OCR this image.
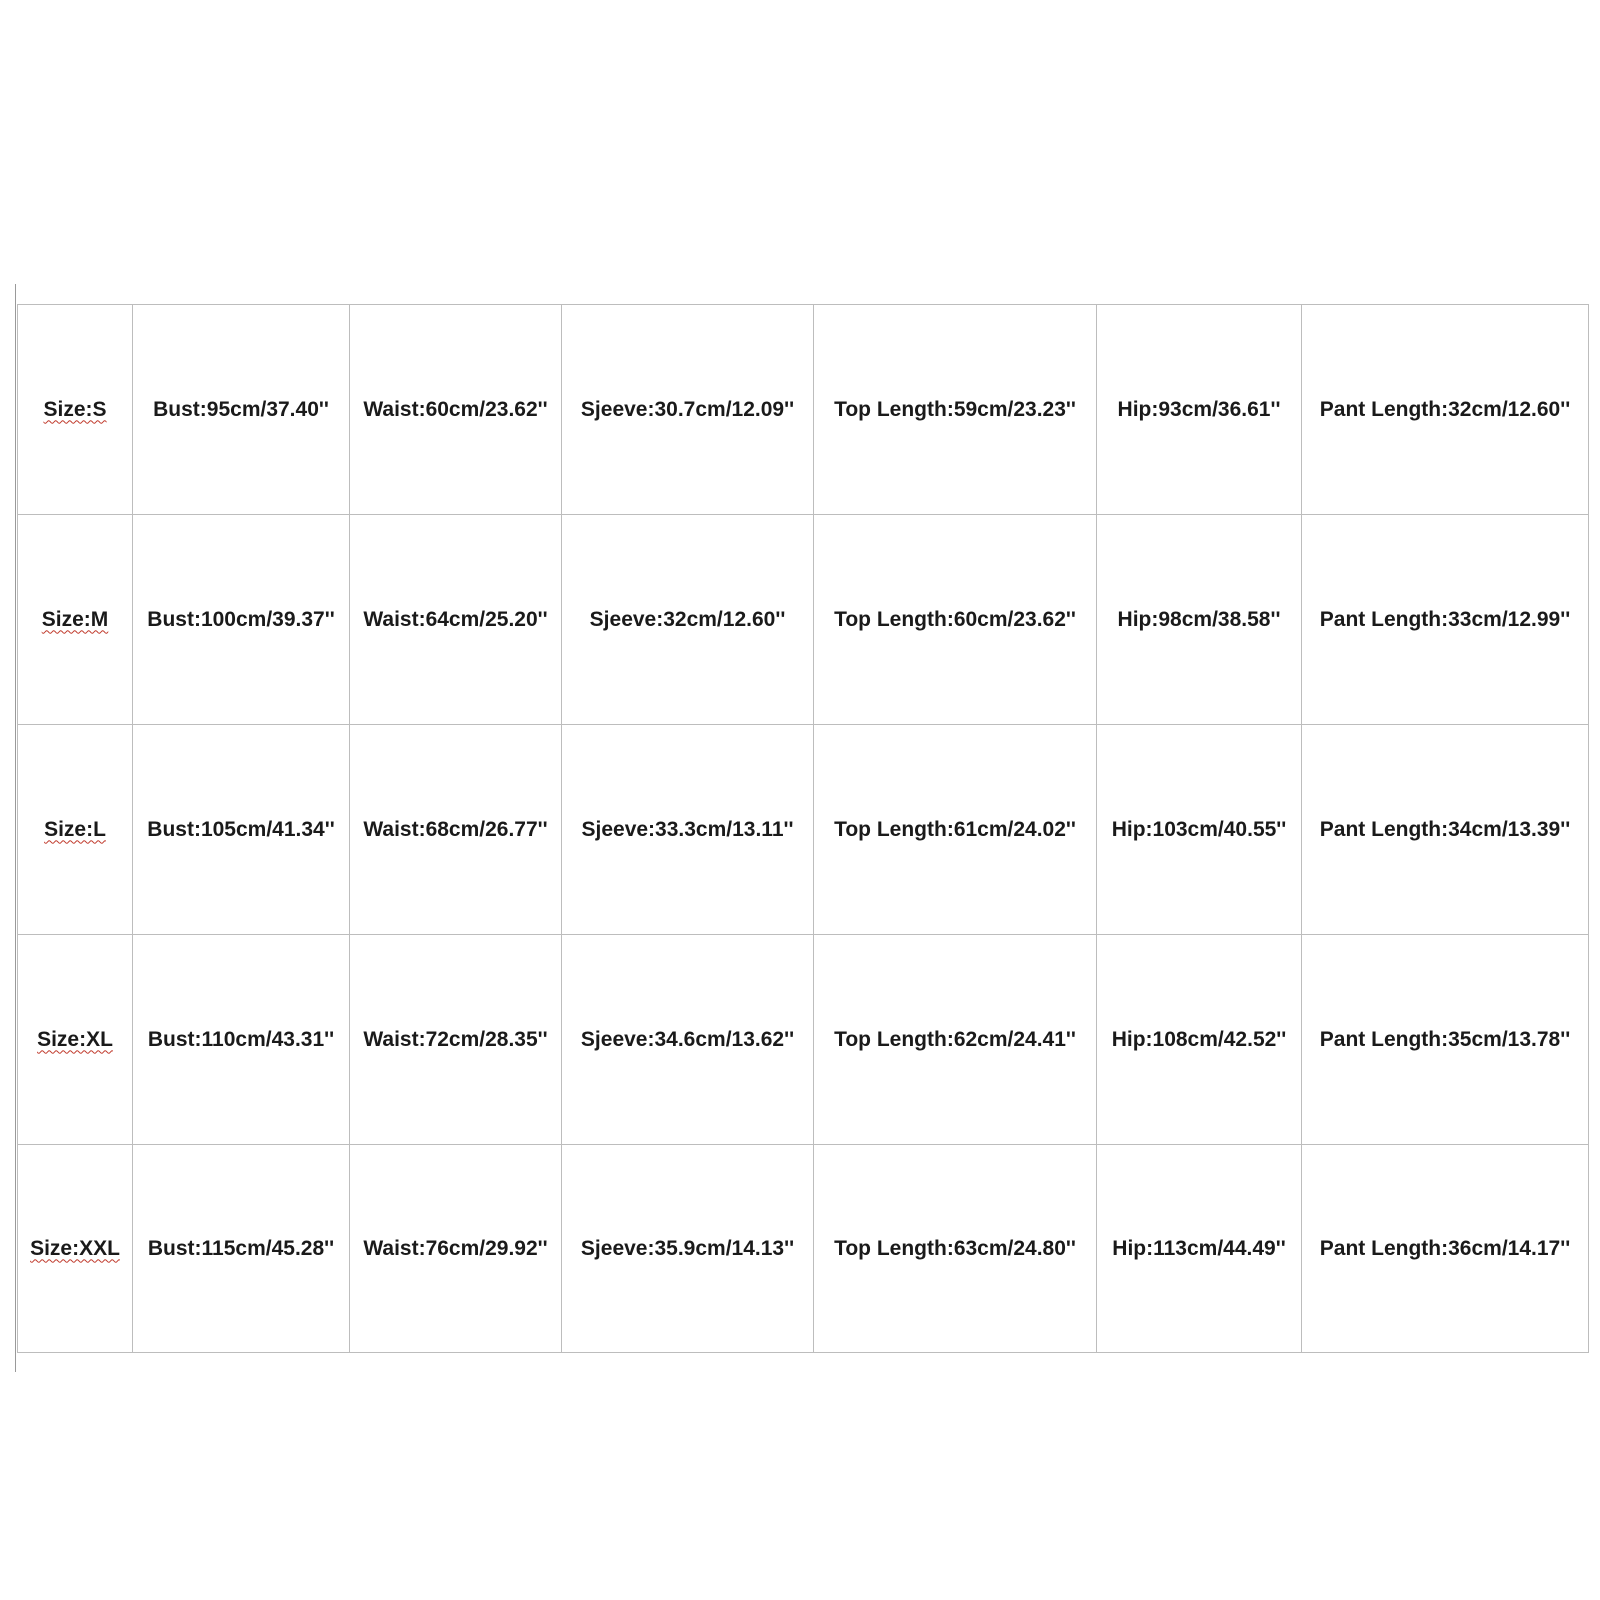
Size:S	Bust:95cm/37.40''	Waist:60cm/23.62''	Sjeeve:30.7cm/12.09''	Top Length:59cm/23.23''	Hip:93cm/36.61''	Pant Length:32cm/12.60''
Size:M	Bust:100cm/39.37''	Waist:64cm/25.20''	Sjeeve:32cm/12.60''	Top Length:60cm/23.62''	Hip:98cm/38.58''	Pant Length:33cm/12.99''
Size:L	Bust:105cm/41.34''	Waist:68cm/26.77''	Sjeeve:33.3cm/13.11''	Top Length:61cm/24.02''	Hip:103cm/40.55''	Pant Length:34cm/13.39''
Size:XL	Bust:110cm/43.31''	Waist:72cm/28.35''	Sjeeve:34.6cm/13.62''	Top Length:62cm/24.41''	Hip:108cm/42.52''	Pant Length:35cm/13.78''
Size:XXL	Bust:115cm/45.28''	Waist:76cm/29.92''	Sjeeve:35.9cm/14.13''	Top Length:63cm/24.80''	Hip:113cm/44.49''	Pant Length:36cm/14.17''
